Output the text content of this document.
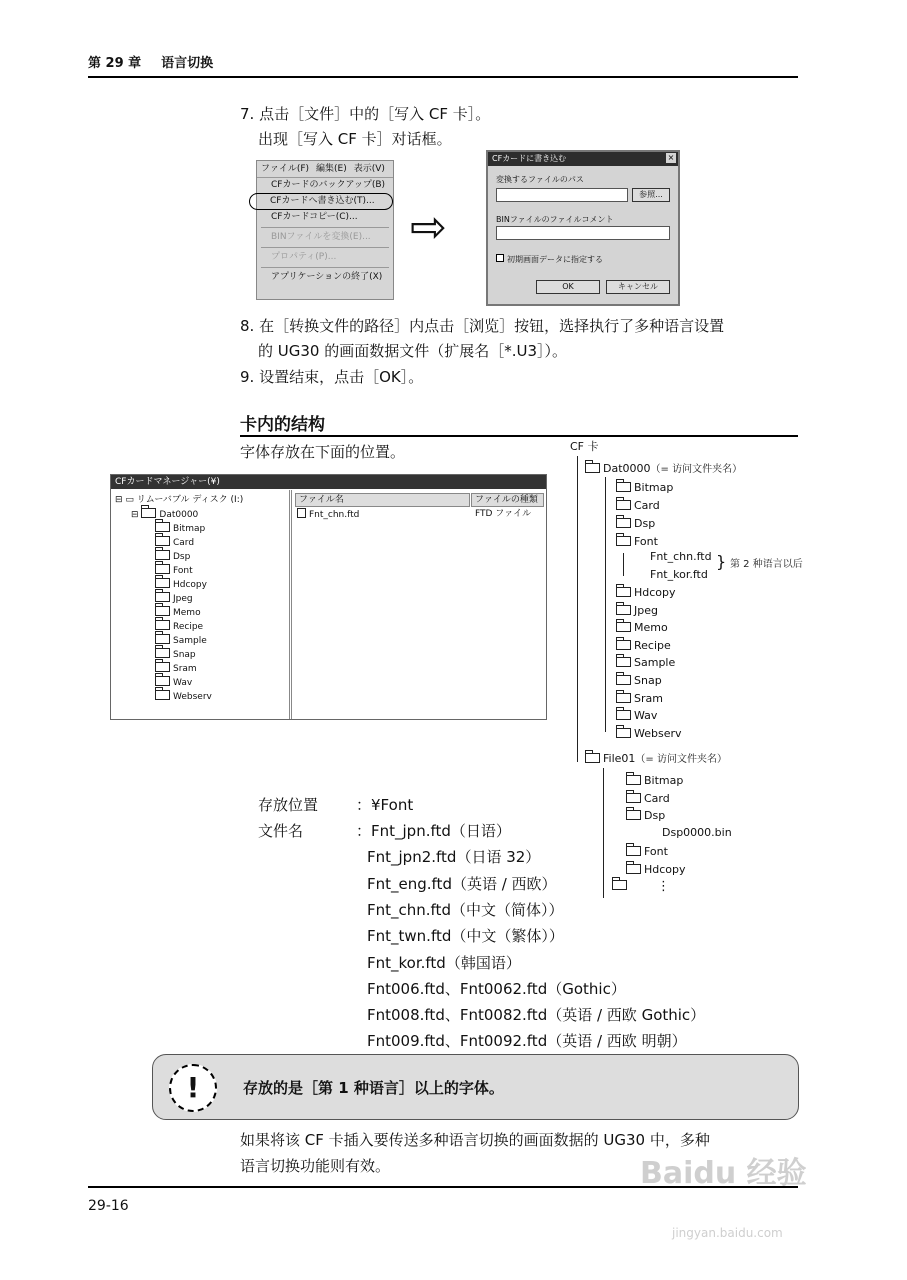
第 29 章 语言切换
7. 点击［文件］中的［写入 CF 卡］。
出现［写入 CF 卡］对话框。
ファイル(F) 編集(E) 表示(V)
CFカードのバックアップ(B)
CFカードへ書き込む(T)...
CFカードコピー(C)...
BINファイルを変換(E)...
プロパティ(P)...
アプリケーションの終了(X)
⇨
CFカードに書き込む	×
変換するファイルのパス
参照...
BINファイルのファイルコメント
初期画面データに指定する
OK	キャンセル
8. 在［转换文件的路径］内点击［浏览］按钮，选择执行了多种语言设置
的 UG30 的画面数据文件（扩展名［*.U3］）。
9. 设置结束，点击［OK］。
卡内的结构
字体存放在下面的位置。
CFカードマネージャー(¥)
⊟ ▭ リムーバブル ディスク (I:)
⊟ Dat0000
Bitmap
Card
Dsp
Font
Hdcopy
Jpeg
Memo
Recipe
Sample
Snap
Sram
Wav
Webserv
ファイル名	ファイルの種類
Fnt_chn.ftd	FTD ファイル
CF 卡
Dat0000（= 访问文件夹名）
Bitmap
Card
Dsp
Font
Fnt_chn.ftd
Fnt_kor.ftd
} 第 2 种语言以后
Hdcopy
Jpeg
Memo
Recipe
Sample
Snap
Sram
Wav
Webserv
File01（= 访问文件夹名）
Bitmap
Card
Dsp
Dsp0000.bin
Font
Hdcopy
⋮
存放位置	：¥Font
文件名	：Fnt_jpn.ftd（日语）
Fnt_jpn2.ftd（日语 32）
Fnt_eng.ftd（英语 / 西欧）
Fnt_chn.ftd（中文（简体））
Fnt_twn.ftd（中文（繁体））
Fnt_kor.ftd（韩国语）
Fnt006.ftd、Fnt0062.ftd（Gothic）
Fnt008.ftd、Fnt0082.ftd（英语 / 西欧 Gothic）
Fnt009.ftd、Fnt0092.ftd（英语 / 西欧 明朝）
!	存放的是［第 1 种语言］以上的字体。
如果将该 CF 卡插入要传送多种语言切换的画面数据的 UG30 中，多种
语言切换功能则有效。
29-16
Baidu 经验
jingyan.baidu.com
